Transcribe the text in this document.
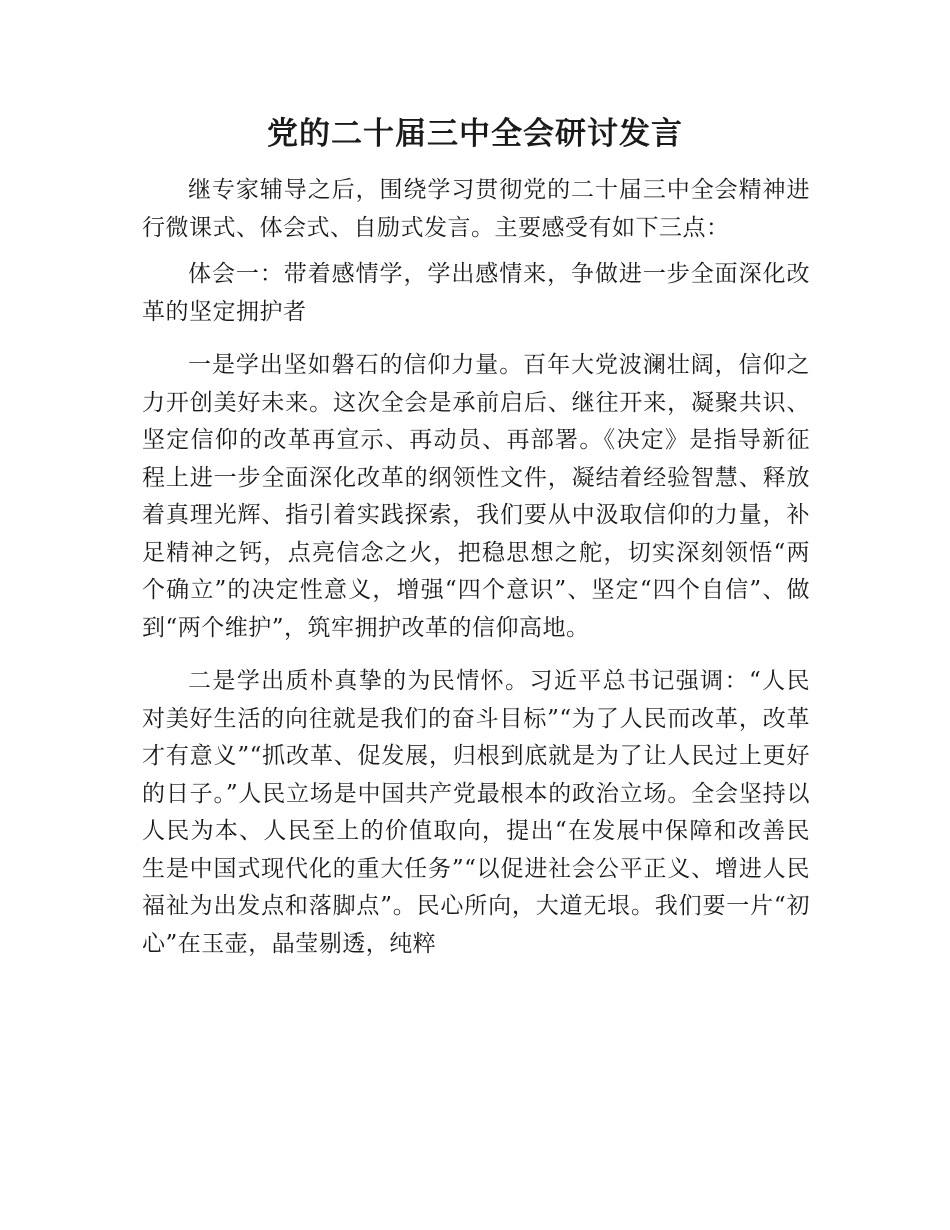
党的二十届三中全会研讨发言

继专家辅导之后，围绕学习贯彻党的二十届三中全会精神进行微课式、体会式、自励式发言。主要感受有如下三点：

体会一：带着感情学，学出感情来，争做进一步全面深化改革的坚定拥护者

一是学出坚如磐石的信仰力量。百年大党波澜壮阔，信仰之力开创美好未来。这次全会是承前启后、继往开来，凝聚共识、坚定信仰的改革再宣示、再动员、再部署。《决定》是指导新征程上进一步全面深化改革的纲领性文件，凝结着经验智慧、释放着真理光辉、指引着实践探索，我们要从中汲取信仰的力量，补足精神之钙，点亮信念之火，把稳思想之舵，切实深刻领悟“两个确立”的决定性意义，增强“四个意识”、坚定“四个自信”、做到“两个维护”，筑牢拥护改革的信仰高地。

二是学出质朴真挚的为民情怀。习近平总书记强调：“人民对美好生活的向往就是我们的奋斗目标”“为了人民而改革，改革才有意义”“抓改革、促发展，归根到底就是为了让人民过上更好的日子。”人民立场是中国共产党最根本的政治立场。全会坚持以人民为本、人民至上的价值取向，提出“在发展中保障和改善民生是中国式现代化的重大任务”“以促进社会公平正义、增进人民福祉为出发点和落脚点”。民心所向，大道无垠。我们要一片“初心”在玉壶，晶莹剔透，纯粹
